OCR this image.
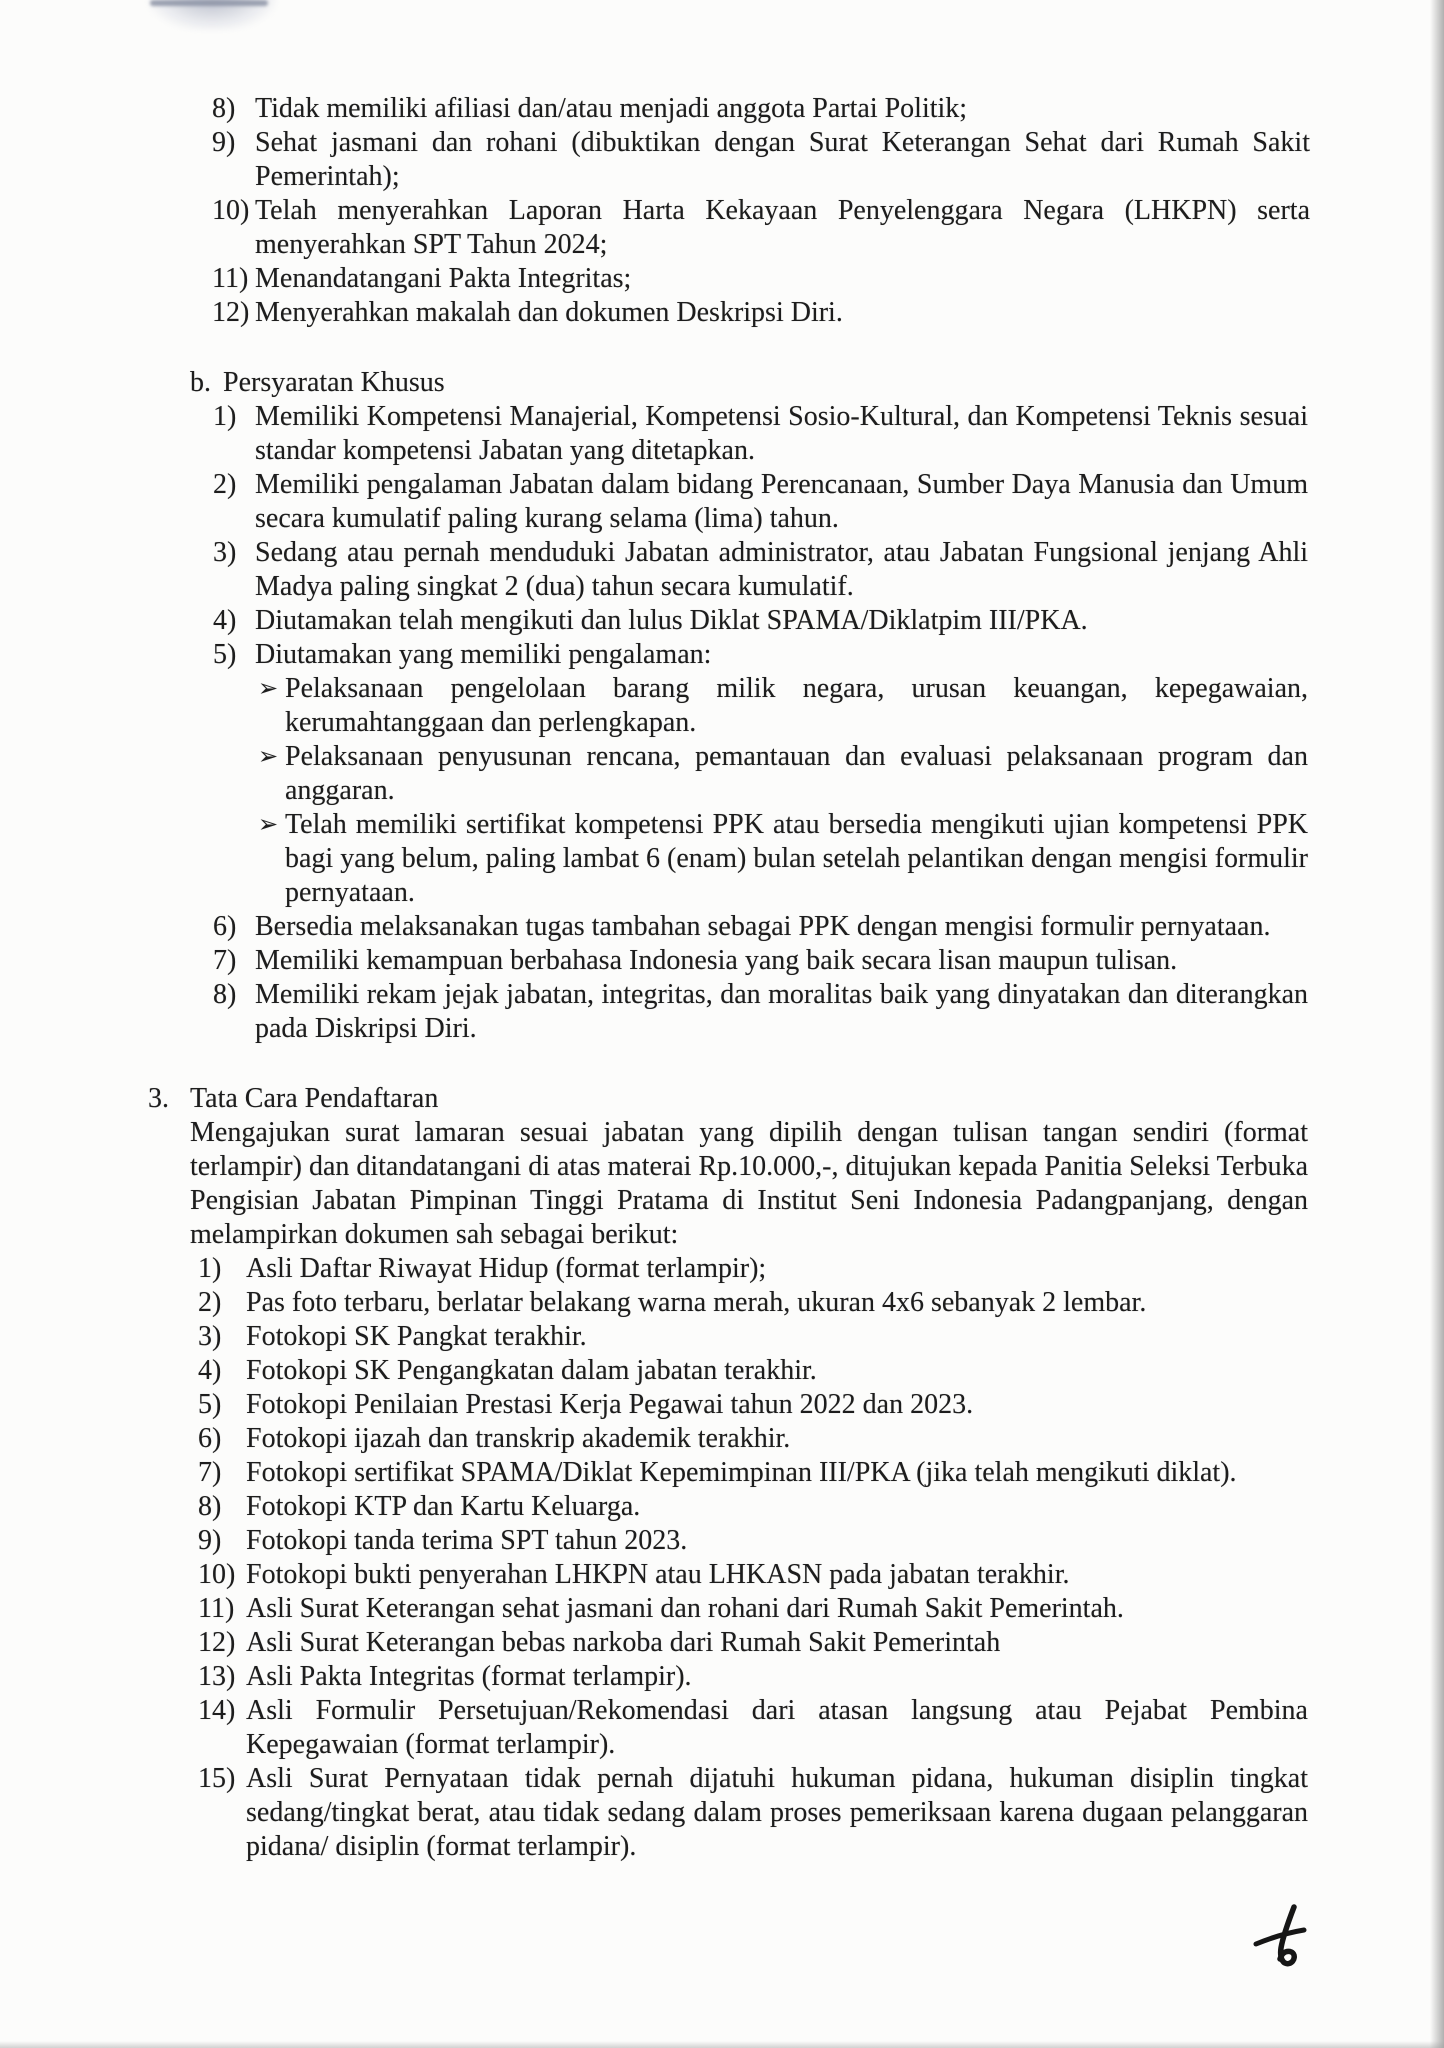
8) Tidak memiliki afiliasi dan/atau menjadi anggota Partai Politik;
9) Sehat jasmani dan rohani (dibuktikan dengan Surat Keterangan Sehat dari Rumah Sakit Pemerintah);
10) Telah menyerahkan Laporan Harta Kekayaan Penyelenggara Negara (LHKPN) serta menyerahkan SPT Tahun 2024;
11) Menandatangani Pakta Integritas;
12) Menyerahkan makalah dan dokumen Deskripsi Diri.
b. Persyaratan Khusus
1) Memiliki Kompetensi Manajerial, Kompetensi Sosio-Kultural, dan Kompetensi Teknis sesuai standar kompetensi Jabatan yang ditetapkan.
2) Memiliki pengalaman Jabatan dalam bidang Perencanaan, Sumber Daya Manusia dan Umum secara kumulatif paling kurang selama (lima) tahun.
3) Sedang atau pernah menduduki Jabatan administrator, atau Jabatan Fungsional jenjang Ahli Madya paling singkat 2 (dua) tahun secara kumulatif.
4) Diutamakan telah mengikuti dan lulus Diklat SPAMA/Diklatpim III/PKA.
5) Diutamakan yang memiliki pengalaman:
➢ Pelaksanaan pengelolaan barang milik negara, urusan keuangan, kepegawaian, kerumahtanggaan dan perlengkapan.
➢ Pelaksanaan penyusunan rencana, pemantauan dan evaluasi pelaksanaan program dan anggaran.
➢ Telah memiliki sertifikat kompetensi PPK atau bersedia mengikuti ujian kompetensi PPK bagi yang belum, paling lambat 6 (enam) bulan setelah pelantikan dengan mengisi formulir pernyataan.
6) Bersedia melaksanakan tugas tambahan sebagai PPK dengan mengisi formulir pernyataan.
7) Memiliki kemampuan berbahasa Indonesia yang baik secara lisan maupun tulisan.
8) Memiliki rekam jejak jabatan, integritas, dan moralitas baik yang dinyatakan dan diterangkan pada Diskripsi Diri.
3. Tata Cara Pendaftaran

Mengajukan surat lamaran sesuai jabatan yang dipilih dengan tulisan tangan sendiri (format terlampir) dan ditandatangani di atas materai Rp.10.000,-, ditujukan kepada Panitia Seleksi Terbuka Pengisian Jabatan Pimpinan Tinggi Pratama di Institut Seni Indonesia Padangpanjang, dengan melampirkan dokumen sah sebagai berikut:

1) Asli Daftar Riwayat Hidup (format terlampir);
2) Pas foto terbaru, berlatar belakang warna merah, ukuran 4x6 sebanyak 2 lembar.
3) Fotokopi SK Pangkat terakhir.
4) Fotokopi SK Pengangkatan dalam jabatan terakhir.
5) Fotokopi Penilaian Prestasi Kerja Pegawai tahun 2022 dan 2023.
6) Fotokopi ijazah dan transkrip akademik terakhir.
7) Fotokopi sertifikat SPAMA/Diklat Kepemimpinan III/PKA (jika telah mengikuti diklat).
8) Fotokopi KTP dan Kartu Keluarga.
9) Fotokopi tanda terima SPT tahun 2023.
10) Fotokopi bukti penyerahan LHKPN atau LHKASN pada jabatan terakhir.
11) Asli Surat Keterangan sehat jasmani dan rohani dari Rumah Sakit Pemerintah.
12) Asli Surat Keterangan bebas narkoba dari Rumah Sakit Pemerintah
13) Asli Pakta Integritas (format terlampir).
14) Asli Formulir Persetujuan/Rekomendasi dari atasan langsung atau Pejabat Pembina Kepegawaian (format terlampir).
15) Asli Surat Pernyataan tidak pernah dijatuhi hukuman pidana, hukuman disiplin tingkat sedang/tingkat berat, atau tidak sedang dalam proses pemeriksaan karena dugaan pelanggaran pidana/ disiplin (format terlampir).
